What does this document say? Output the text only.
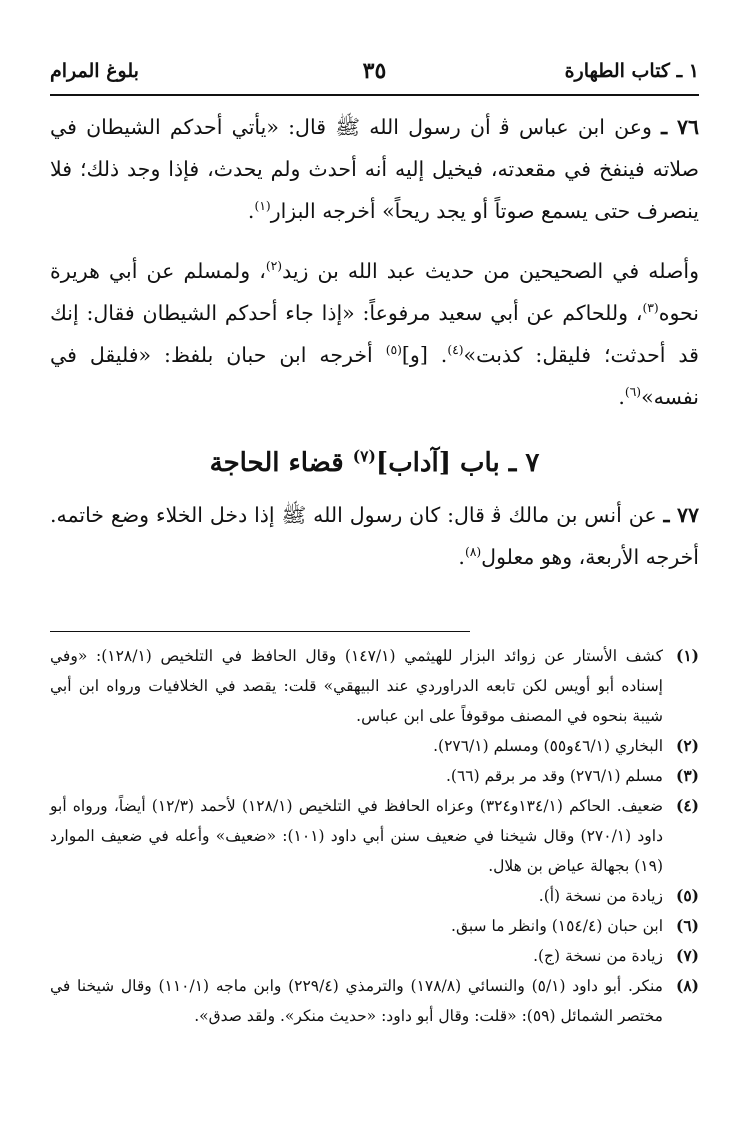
١ ـ كتاب الطهارة
٣٥
بلوغ المرام

٧٦ ـ وعن ابن عباس ﭬ أن رسول الله ﷺ قال: «يأتي أحدكم الشيطان في صلاته فينفخ في مقعدته، فيخيل إليه أنه أحدث ولم يحدث، فإذا وجد ذلك؛ فلا ينصرف حتى يسمع صوتاً أو يجد ريحاً» أخرجه البزار$^{(١)}$.

وأصله في الصحيحين من حديث عبد الله بن زيد$^{(٢)}$، ولمسلم عن أبي هريرة نحوه$^{(٣)}$، وللحاكم عن أبي سعيد مرفوعاً: «إذا جاء أحدكم الشيطان فقال: إنك قد أحدثت؛ فليقل: كذبت»$^{(٤)}$. [و]$^{(٥)}$ أخرجه ابن حبان بلفظ: «فليقل في نفسه»$^{(٦)}$.

٧ ـ باب [آداب]$^{(٧)}$ قضاء الحاجة

٧٧ ـ عن أنس بن مالك ﭬ قال: كان رسول الله ﷺ إذا دخل الخلاء وضع خاتمه. أخرجه الأربعة، وهو معلول$^{(٨)}$.

(١)
كشف الأستار عن زوائد البزار للهيثمي (١٤٧/١) وقال الحافظ في التلخيص (١٢٨/١): «وفي إسناده أبو أويس لكن تابعه الدراوردي عند البيهقي» قلت: يقصد في الخلافيات ورواه ابن أبي شيبة بنحوه في المصنف موقوفاً على ابن عباس.
(٢)
البخاري (٤٦/١و٥٥) ومسلم (٢٧٦/١).
(٣)
مسلم (٢٧٦/١) وقد مر برقم (٦٦).
(٤)
ضعيف. الحاكم (١٣٤/١و٣٢٤) وعزاه الحافظ في التلخيص (١٢٨/١) لأحمد (١٢/٣) أيضاً، ورواه أبو داود (٢٧٠/١) وقال شيخنا في ضعيف سنن أبي داود (١٠١): «ضعيف» وأعله في ضعيف الموارد (١٩) بجهالة عياض بن هلال.
(٥)
زيادة من نسخة (أ).
(٦)
ابن حبان (١٥٤/٤) وانظر ما سبق.
(٧)
زيادة من نسخة (ج).
(٨)
منكر. أبو داود (٥/١) والنسائي (١٧٨/٨) والترمذي (٢٢٩/٤) وابن ماجه (١١٠/١) وقال شيخنا في مختصر الشمائل (٥٩): «قلت: وقال أبو داود: «حديث منكر». ولقد صدق».
